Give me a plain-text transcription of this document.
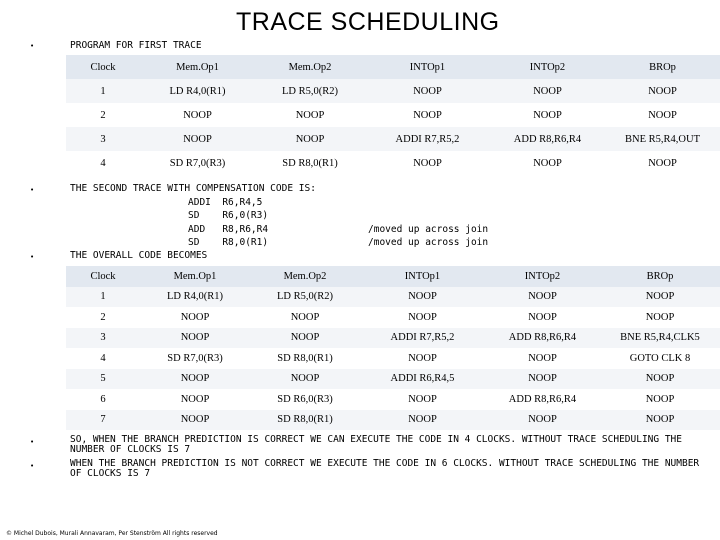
TRACE SCHEDULING
•	PROGRAM FOR FIRST TRACE
Clock	Mem.Op1	Mem.Op2	INTOp1	INTOp2	BROp
1	LD R4,0(R1)	LD R5,0(R2)	NOOP	NOOP	NOOP
2	NOOP	NOOP	NOOP	NOOP	NOOP
3	NOOP	NOOP	ADDI R7,R5,2	ADD R8,R6,R4	BNE R5,R4,OUT
4	SD R7,0(R3)	SD R8,0(R1)	NOOP	NOOP	NOOP
•	THE SECOND TRACE WITH COMPENSATION CODE IS:
ADDI  R6,R4,5
SD    R6,0(R3)
ADD   R8,R6,R4	/moved up across join
SD    R8,0(R1)	/moved up across join
•	THE OVERALL CODE BECOMES
Clock	Mem.Op1	Mem.Op2	INTOp1	INTOp2	BROp
1	LD R4,0(R1)	LD R5,0(R2)	NOOP	NOOP	NOOP
2	NOOP	NOOP	NOOP	NOOP	NOOP
3	NOOP	NOOP	ADDI R7,R5,2	ADD R8,R6,R4	BNE R5,R4,CLK5
4	SD R7,0(R3)	SD R8,0(R1)	NOOP	NOOP	GOTO CLK 8
5	NOOP	NOOP	ADDI R6,R4,5	NOOP	NOOP
6	NOOP	SD R6,0(R3)	NOOP	ADD R8,R6,R4	NOOP
7	NOOP	SD R8,0(R1)	NOOP	NOOP	NOOP
•	SO, WHEN THE BRANCH PREDICTION IS CORRECT WE CAN EXECUTE THE CODE IN 4 CLOCKS. WITHOUT TRACE SCHEDULING THE NUMBER OF CLOCKS IS 7
•	WHEN THE BRANCH PREDICTION IS NOT CORRECT WE EXECUTE THE CODE IN 6 CLOCKS. WITHOUT TRACE SCHEDULING THE NUMBER OF CLOCKS IS 7
© Michel Dubois, Murali Annavaram, Per Stenström All rights reserved
